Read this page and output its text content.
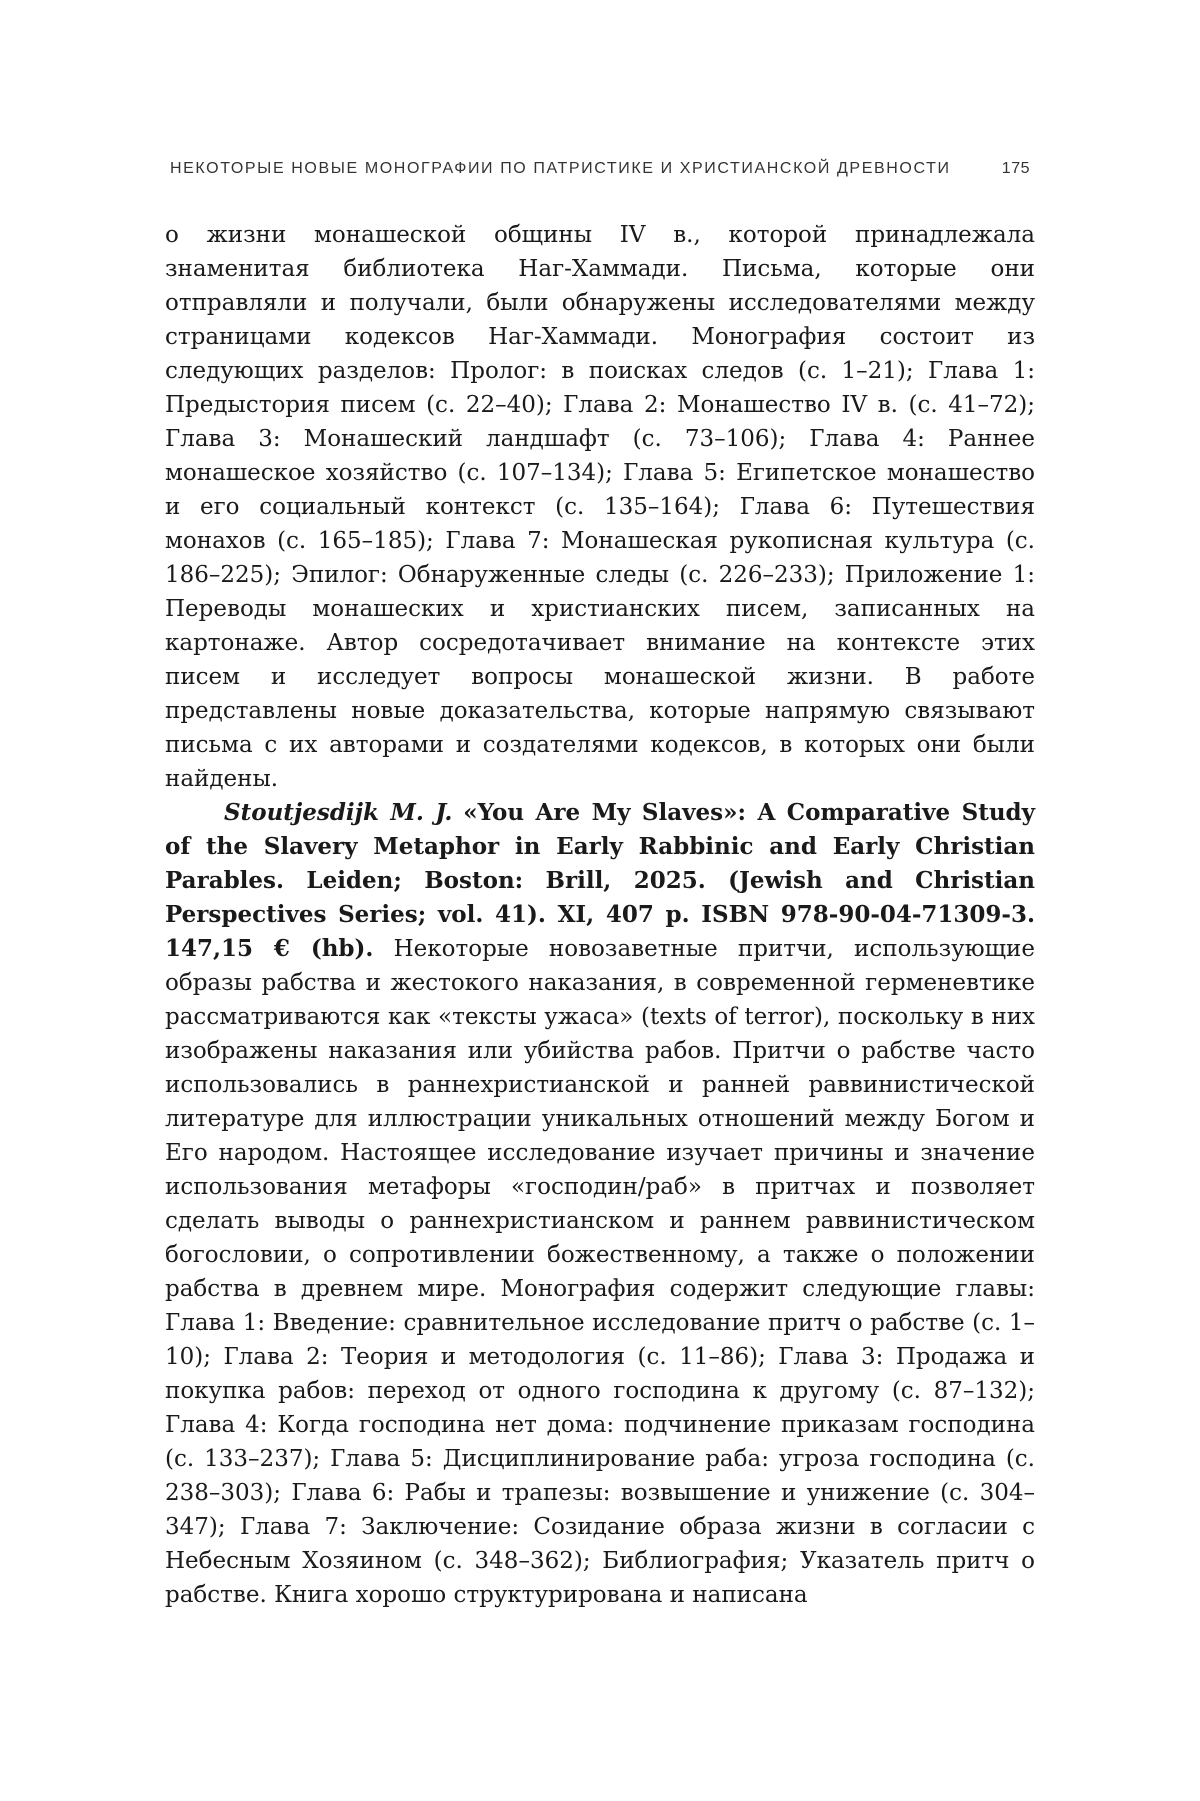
НЕКОТОРЫЕ НОВЫЕ МОНОГРАФИИ ПО ПАТРИСТИКЕ И ХРИСТИАНСКОЙ ДРЕВНОСТИ	175

о жизни монашеской общины IV в., которой принадлежала знаменитая библиотека Наг-Хаммади. Письма, которые они отправляли и получали, были обнаружены исследователями между страницами кодексов Наг-Хаммади. Монография состоит из следующих разделов: Пролог: в поисках следов (с. 1–21); Глава 1: Предыстория писем (с. 22–40); Глава 2: Монашество IV в. (с. 41–72); Глава 3: Монашеский ландшафт (с. 73–106); Глава 4: Раннее монашеское хозяйство (с. 107–134); Глава 5: Египетское монашество и его социальный контекст (с. 135–164); Глава 6: Путешествия монахов (с. 165–185); Глава 7: Монашеская рукописная культура (с. 186–225); Эпилог: Обнаруженные следы (с. 226–233); Приложение 1: Переводы монашеских и христианских писем, записанных на картонаже. Автор сосредотачивает внимание на контексте этих писем и исследует вопросы монашеской жизни. В работе представлены новые доказательства, которые напрямую связывают письма с их авторами и создателями кодексов, в которых они были найдены.

Stoutjesdijk M. J. «You Are My Slaves»: A Comparative Study of the Slavery Metaphor in Early Rabbinic and Early Christian Parables. Leiden; Boston: Brill, 2025. (Jewish and Christian Perspectives Series; vol. 41). XI, 407 p. ISBN 978-90-04-71309-3. 147,15 € (hb). Некоторые новозаветные притчи, использующие образы рабства и жестокого наказания, в современной герменевтике рассматриваются как «тексты ужаса» (texts of terror), поскольку в них изображены наказания или убийства рабов. Притчи о рабстве часто использовались в раннехристианской и ранней раввинистической литературе для иллюстрации уникальных отношений между Богом и Его народом. Настоящее исследование изучает причины и значение использования метафоры «господин/раб» в притчах и позволяет сделать выводы о раннехристианском и раннем раввинистическом богословии, о сопротивлении божественному, а также о положении рабства в древнем мире. Монография содержит следующие главы: Глава 1: Введение: сравнительное исследование притч о рабстве (с. 1–10); Глава 2: Теория и методология (с. 11–86); Глава 3: Продажа и покупка рабов: переход от одного господина к другому (с. 87–132); Глава 4: Когда господина нет дома: подчинение приказам господина (с. 133–237); Глава 5: Дисциплинирование раба: угроза господина (с. 238–303); Глава 6: Рабы и трапезы: возвышение и унижение (с. 304–347); Глава 7: Заключение: Созидание образа жизни в согласии с Небесным Хозяином (с. 348–362); Библиография; Указатель притч о рабстве. Книга хорошо структурирована и написана
